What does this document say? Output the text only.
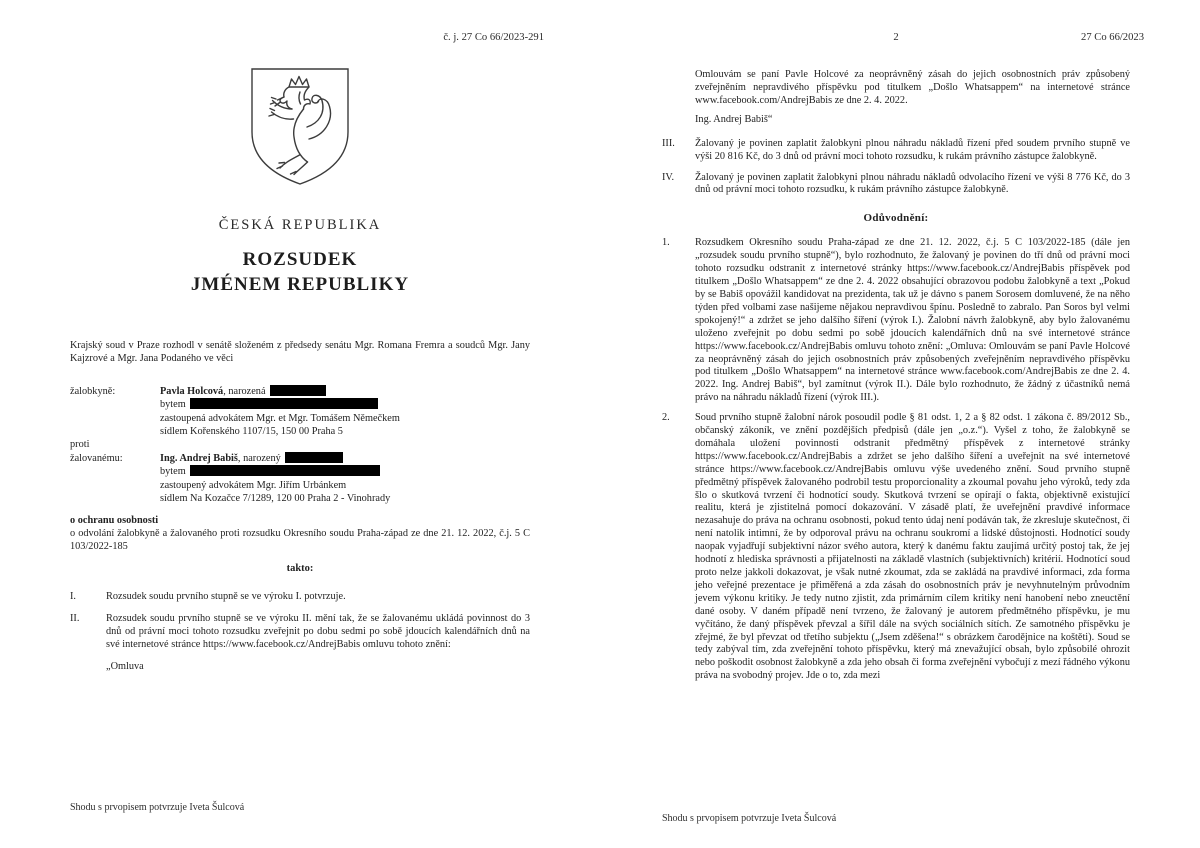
č. j. 27 Co 66/2023-291
ČESKÁ REPUBLIKA
ROZSUDEK
JMÉNEM REPUBLIKY
Krajský soud v Praze rozhodl v senátě složeném z předsedy senátu Mgr. Romana Fremra a soudců Mgr. Jany Kajzrové a Mgr. Jana Podaného ve věci
žalobkyně:	Pavla Holcová, narozená
bytem
zastoupená advokátem Mgr. et Mgr. Tomášem Němečkem
sídlem Kořenského 1107/15, 150 00 Praha 5
proti
žalovanému:	Ing. Andrej Babiš, narozený
bytem
zastoupený advokátem Mgr. Jiřím Urbánkem
sídlem Na Kozačce 7/1289, 120 00 Praha 2 - Vinohrady
o ochranu osobnosti
o odvolání žalobkyně a žalovaného proti rozsudku Okresního soudu Praha-západ ze dne 21. 12. 2022, č.j. 5 C 103/2022-185
takto:
I.	Rozsudek soudu prvního stupně se ve výroku I. potvrzuje.
II.	Rozsudek soudu prvního stupně se ve výroku II. mění tak, že se žalovanému ukládá povinnost do 3 dnů od právní moci tohoto rozsudku zveřejnit po dobu sedmi po sobě jdoucích kalendářních dnů na své internetové stránce https://www.facebook.cz/AndrejBabis omluvu tohoto znění:
„Omluva
Shodu s prvopisem potvrzuje Iveta Šulcová
2	27 Co 66/2023
Omlouvám se paní Pavle Holcové za neoprávněný zásah do jejich osobnostních práv způsobený zveřejněním nepravdivého příspěvku pod titulkem „Došlo Whatsappem“ na internetové stránce www.facebook.com/AndrejBabis ze dne 2. 4. 2022.
Ing. Andrej Babiš“
III.	Žalovaný je povinen zaplatit žalobkyni plnou náhradu nákladů řízení před soudem prvního stupně ve výši 20 816 Kč, do 3 dnů od právní moci tohoto rozsudku, k rukám právního zástupce žalobkyně.
IV.	Žalovaný je povinen zaplatit žalobkyni plnou náhradu nákladů odvolacího řízení ve výši 8 776 Kč, do 3 dnů od právní moci tohoto rozsudku, k rukám právního zástupce žalobkyně.
Odůvodnění:
1.	Rozsudkem Okresního soudu Praha-západ ze dne 21. 12. 2022, č.j. 5 C 103/2022-185 (dále jen „rozsudek soudu prvního stupně“), bylo rozhodnuto, že žalovaný je povinen do tří dnů od právní moci tohoto rozsudku odstranit z internetové stránky https://www.facebook.cz/AndrejBabis příspěvek pod titulkem „Došlo Whatsappem“ ze dne 2. 4. 2022 obsahující obrazovou podobu žalobkyně a text „Pokud by se Babiš opovážil kandidovat na prezidenta, tak už je dávno s panem Sorosem domluvené, že na něho týden před volbami zase našijeme nějakou nepravdivou špínu. Posledně to zabralo. Pan Soros byl velmi spokojený!“ a zdržet se jeho dalšího šíření (výrok I.). Žalobní návrh žalobkyně, aby bylo žalovanému uloženo zveřejnit po dobu sedmi po sobě jdoucích kalendářních dnů na své internetové stránce https://www.facebook.cz/AndrejBabis omluvu tohoto znění: „Omluva: Omlouvám se paní Pavle Holcové za neoprávněný zásah do jejich osobnostních práv způsobených zveřejněním nepravdivého příspěvku pod titulkem „Došlo Whatsappem“ na internetové stránce www.facebook.com/AndrejBabis ze dne 2. 4. 2022. Ing. Andrej Babiš“, byl zamítnut (výrok II.). Dále bylo rozhodnuto, že žádný z účastníků nemá právo na náhradu nákladů řízení (výrok III.).
2.	Soud prvního stupně žalobní nárok posoudil podle § 81 odst. 1, 2 a § 82 odst. 1 zákona č. 89/2012 Sb., občanský zákoník, ve znění pozdějších předpisů (dále jen „o.z.“). Vyšel z toho, že žalobkyně se domáhala uložení povinnosti odstranit předmětný příspěvek z internetové stránky https://www.facebook.cz/AndrejBabis a zdržet se jeho dalšího šíření a uveřejnit na své internetové stránce https://www.facebook.cz/AndrejBabis omluvu výše uvedeného znění. Soud prvního stupně předmětný příspěvek žalovaného podrobil testu proporcionality a zkoumal povahu jeho výroků, tedy zda šlo o skutková tvrzení či hodnotící soudy. Skutková tvrzení se opírají o fakta, objektivně existující realitu, která je zjistitelná pomocí dokazování. V zásadě platí, že uveřejnění pravdivé informace nezasahuje do práva na ochranu osobnosti, pokud tento údaj není podáván tak, že zkresluje skutečnost, či není natolik intimní, že by odporoval právu na ochranu soukromí a lidské důstojnosti. Hodnotící soudy naopak vyjadřují subjektivní názor svého autora, který k danému faktu zaujímá určitý postoj tak, že jej hodnotí z hlediska správnosti a přijatelnosti na základě vlastních (subjektivních) kritérií. Hodnotící soud proto nelze jakkoli dokazovat, je však nutné zkoumat, zda se zakládá na pravdivé informaci, zda forma jeho veřejné prezentace je přiměřená a zda zásah do osobnostních práv je nevyhnutelným průvodním jevem výkonu kritiky. Je tedy nutno zjistit, zda primárním cílem kritiky není hanobení nebo zneuctění dané osoby. V daném případě není tvrzeno, že žalovaný je autorem předmětného příspěvku, je mu vyčítáno, že daný příspěvek převzal a šířil dále na svých sociálních sítích. Ze samotného příspěvku je zřejmé, že byl převzat od třetího subjektu („Jsem zděšena!“ s obrázkem čarodějnice na koštěti). Soud se tedy zabýval tím, zda zveřejnění tohoto příspěvku, který má znevažující obsah, bylo způsobilé ohrozit nebo poškodit osobnost žalobkyně a zda jeho obsah či forma zveřejnění vybočují z mezí řádného výkonu práva na svobodný projev. Jde o to, zda mezi
Shodu s prvopisem potvrzuje Iveta Šulcová
